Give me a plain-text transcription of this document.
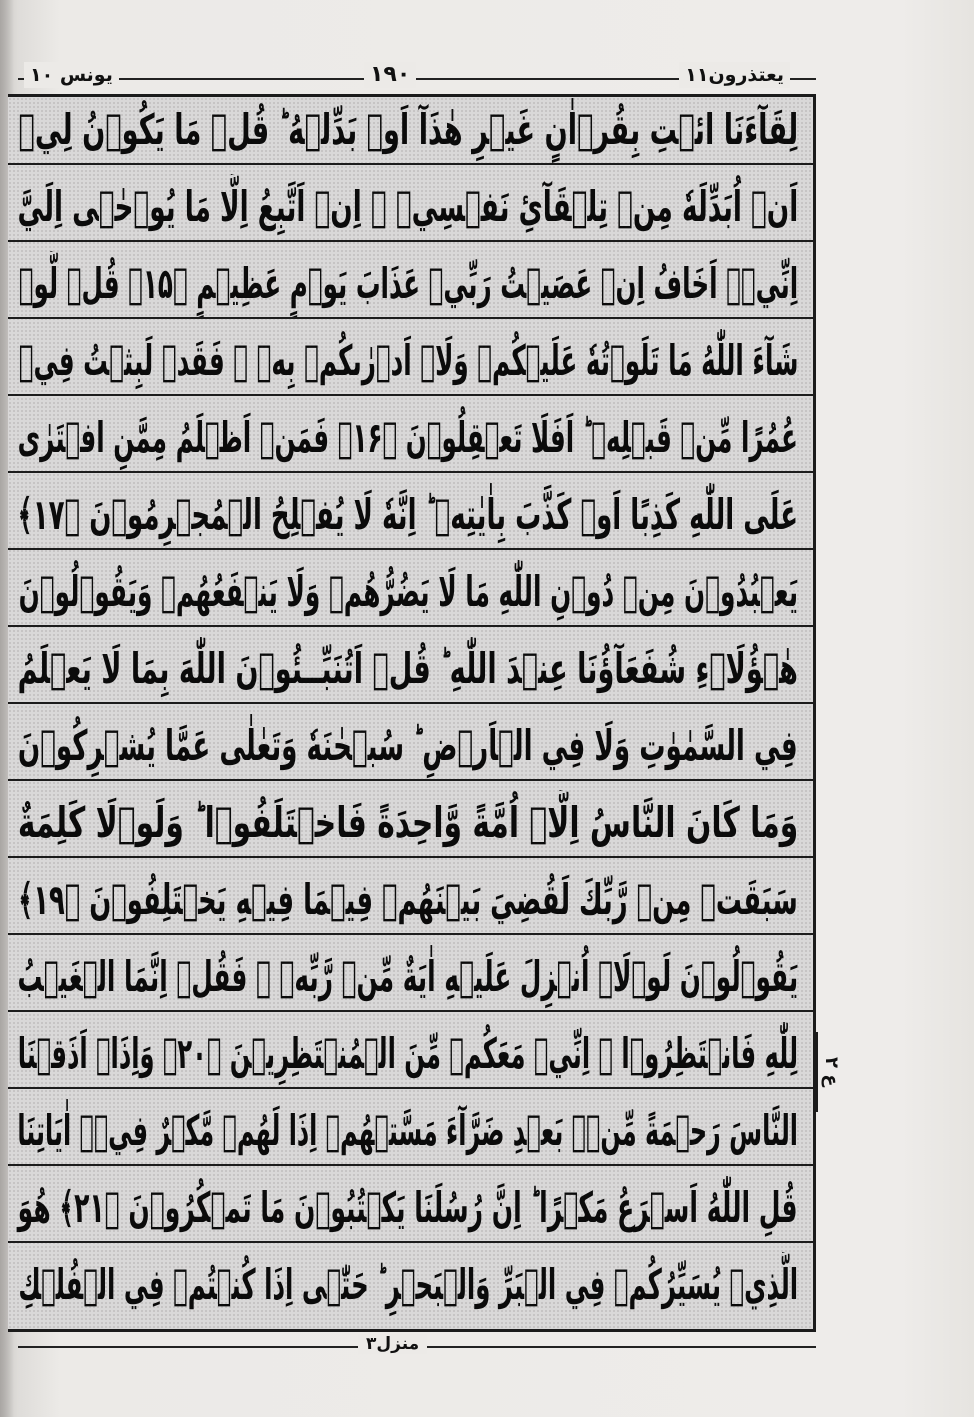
یعتذرون۱۱
۱۹۰
یونس ۱۰
لِقَآءَنَا ائۡتِ بِقُرۡاٰنٍ غَيۡرِ هٰذَآ اَوۡ بَدِّلۡهُ ؕ قُلۡ مَا يَكُوۡنُ لِيۡ
اَنۡ اُبَدِّلَهٗ مِنۡ تِلۡقَآئِ نَفۡسِيۡ ۚ اِنۡ اَتَّبِعُ اِلَّا مَا يُوۡحٰۤى اِلَيَّ
اِنِّيۡۤ اَخَافُ اِنۡ عَصَيۡتُ رَبِّيۡ عَذَابَ يَوۡمٍ عَظِيۡمٍ ﴿۱۵﴾ قُلۡ لَّوۡ
شَآءَ اللّٰهُ مَا تَلَوۡتُهٗ عَلَيۡكُمۡ وَلَاۤ اَدۡرٰٮكُمۡ بِهٖ ۖ فَقَدۡ لَبِثۡتُ فِيۡ
عُمُرًا مِّنۡ قَبۡلِهٖ ؕ اَفَلَا تَعۡقِلُوۡنَ ﴿۱۶﴾ فَمَنۡ اَظۡلَمُ مِمَّنِ افۡتَرٰى
عَلَى اللّٰهِ كَذِبًا اَوۡ كَذَّبَ بِاٰيٰتِهٖ ؕ اِنَّهٗ لَا يُفۡلِحُ الۡمُجۡرِمُوۡنَ ﴿۱۷﴾
يَعۡبُدُوۡنَ مِنۡ دُوۡنِ اللّٰهِ مَا لَا يَضُرُّهُمۡ وَلَا يَنۡفَعُهُمۡ وَيَقُوۡلُوۡنَ
هٰۤؤُلَاۤءِ شُفَعَآؤُنَا عِنۡدَ اللّٰهِ ؕ قُلۡ اَتُنَبِّــئُوۡنَ اللّٰهَ بِمَا لَا يَعۡلَمُ
فِي السَّمٰوٰتِ وَلَا فِي الۡاَرۡضِ ؕ سُبۡحٰنَهٗ وَتَعٰلٰى عَمَّا يُشۡرِكُوۡنَ
وَمَا كَانَ النَّاسُ اِلَّاۤ اُمَّةً وَّاحِدَةً فَاخۡتَلَفُوۡا ؕ وَلَوۡلَا كَلِمَةٌ
سَبَقَتۡ مِنۡ رَّبِّكَ لَقُضِيَ بَيۡنَهُمۡ فِيۡمَا فِيۡهِ يَخۡتَلِفُوۡنَ ﴿۱۹﴾
يَقُوۡلُوۡنَ لَوۡلَاۤ اُنۡزِلَ عَلَيۡهِ اٰيَةٌ مِّنۡ رَّبِّهٖ ۚ فَقُلۡ اِنَّمَا الۡغَيۡبُ
لِلّٰهِ فَانۡتَظِرُوۡا ۚ اِنِّيۡ مَعَكُمۡ مِّنَ الۡمُنۡتَظِرِيۡنَ ﴿۲۰﴾ وَاِذَاۤ اَذَقۡنَا
النَّاسَ رَحۡمَةً مِّنۡۢ بَعۡدِ ضَرَّآءَ مَسَّتۡهُمۡ اِذَا لَهُمۡ مَّكۡرٌ فِيۡۤ اٰيَاتِنَا
قُلِ اللّٰهُ اَسۡرَعُ مَكۡرًا ؕ اِنَّ رُسُلَنَا يَكۡتُبُوۡنَ مَا تَمۡكُرُوۡنَ ﴿۲۱﴾ هُوَ
الَّذِيۡ يُسَيِّرُكُمۡ فِي الۡبَرِّ وَالۡبَحۡرِ ؕ حَتّٰۤى اِذَا كُنۡتُمۡ فِي الۡفُلۡكِ
ع ۲
منزل۳
